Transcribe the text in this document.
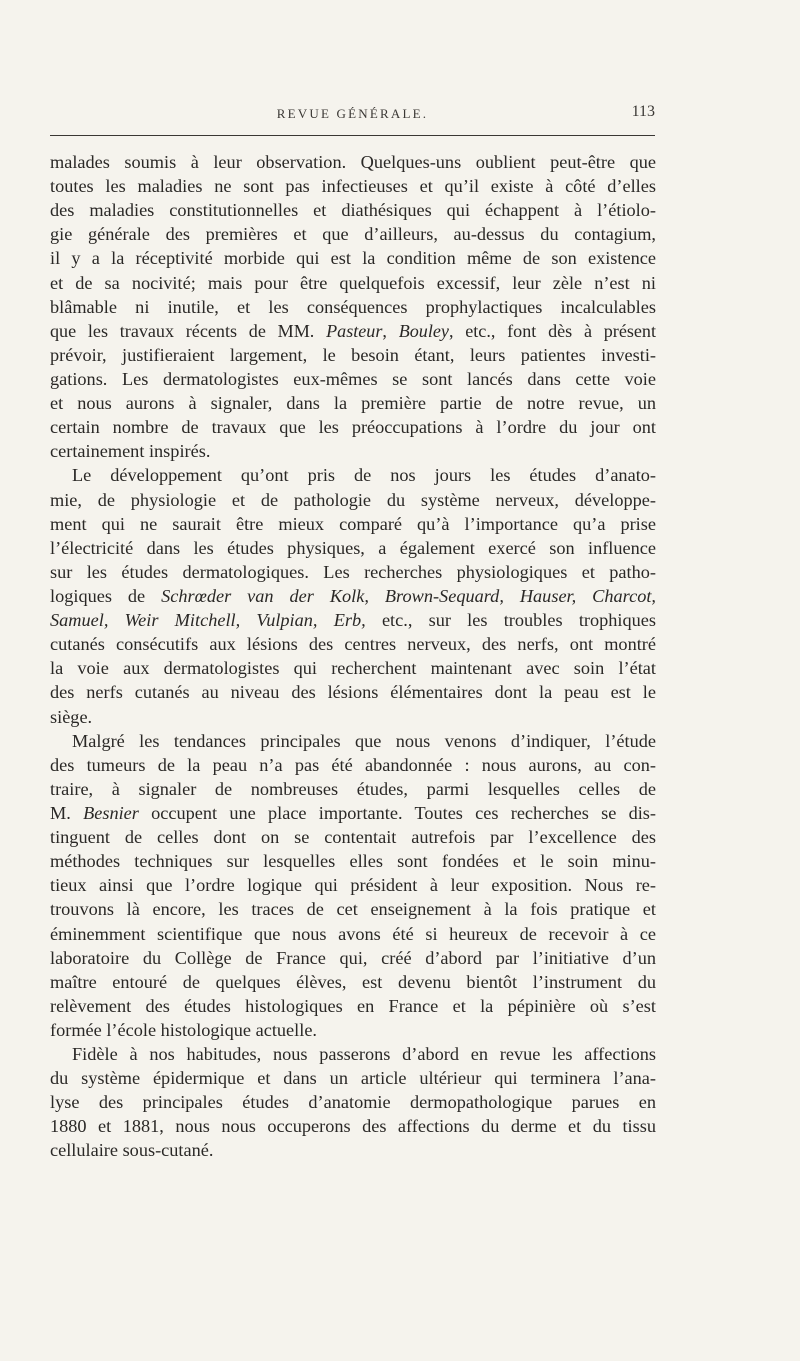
REVUE GÉNÉRALE.	113
malades soumis à leur observation. Quelques-uns oublient peut-être que
toutes les maladies ne sont pas infectieuses et qu’il existe à côté d’elles
des maladies constitutionnelles et diathésiques qui échappent à l’étiolo-
gie générale des premières et que d’ailleurs, au-dessus du contagium,
il y a la réceptivité morbide qui est la condition même de son existence
et de sa nocivité; mais pour être quelquefois excessif, leur zèle n’est ni
blâmable ni inutile, et les conséquences prophylactiques incalculables
que les travaux récents de MM. Pasteur, Bouley, etc., font dès à présent
prévoir, justifieraient largement, le besoin étant, leurs patientes investi-
gations. Les dermatologistes eux-mêmes se sont lancés dans cette voie
et nous aurons à signaler, dans la première partie de notre revue, un
certain nombre de travaux que les préoccupations à l’ordre du jour ont
certainement inspirés.
Le développement qu’ont pris de nos jours les études d’anato-
mie, de physiologie et de pathologie du système nerveux, développe-
ment qui ne saurait être mieux comparé qu’à l’importance qu’a prise
l’électricité dans les études physiques, a également exercé son influence
sur les études dermatologiques. Les recherches physiologiques et patho-
logiques de Schrœder van der Kolk, Brown-Sequard, Hauser, Charcot,
Samuel, Weir Mitchell, Vulpian, Erb, etc., sur les troubles trophiques
cutanés consécutifs aux lésions des centres nerveux, des nerfs, ont montré
la voie aux dermatologistes qui recherchent maintenant avec soin l’état
des nerfs cutanés au niveau des lésions élémentaires dont la peau est le
siège.
Malgré les tendances principales que nous venons d’indiquer, l’étude
des tumeurs de la peau n’a pas été abandonnée : nous aurons, au con-
traire, à signaler de nombreuses études, parmi lesquelles celles de
M. Besnier occupent une place importante. Toutes ces recherches se dis-
tinguent de celles dont on se contentait autrefois par l’excellence des
méthodes techniques sur lesquelles elles sont fondées et le soin minu-
tieux ainsi que l’ordre logique qui président à leur exposition. Nous re-
trouvons là encore, les traces de cet enseignement à la fois pratique et
éminemment scientifique que nous avons été si heureux de recevoir à ce
laboratoire du Collège de France qui, créé d’abord par l’initiative d’un
maître entouré de quelques élèves, est devenu bientôt l’instrument du
relèvement des études histologiques en France et la pépinière où s’est
formée l’école histologique actuelle.
Fidèle à nos habitudes, nous passerons d’abord en revue les affections
du système épidermique et dans un article ultérieur qui terminera l’ana-
lyse des principales études d’anatomie dermopathologique parues en
1880 et 1881, nous nous occuperons des affections du derme et du tissu
cellulaire sous-cutané.
